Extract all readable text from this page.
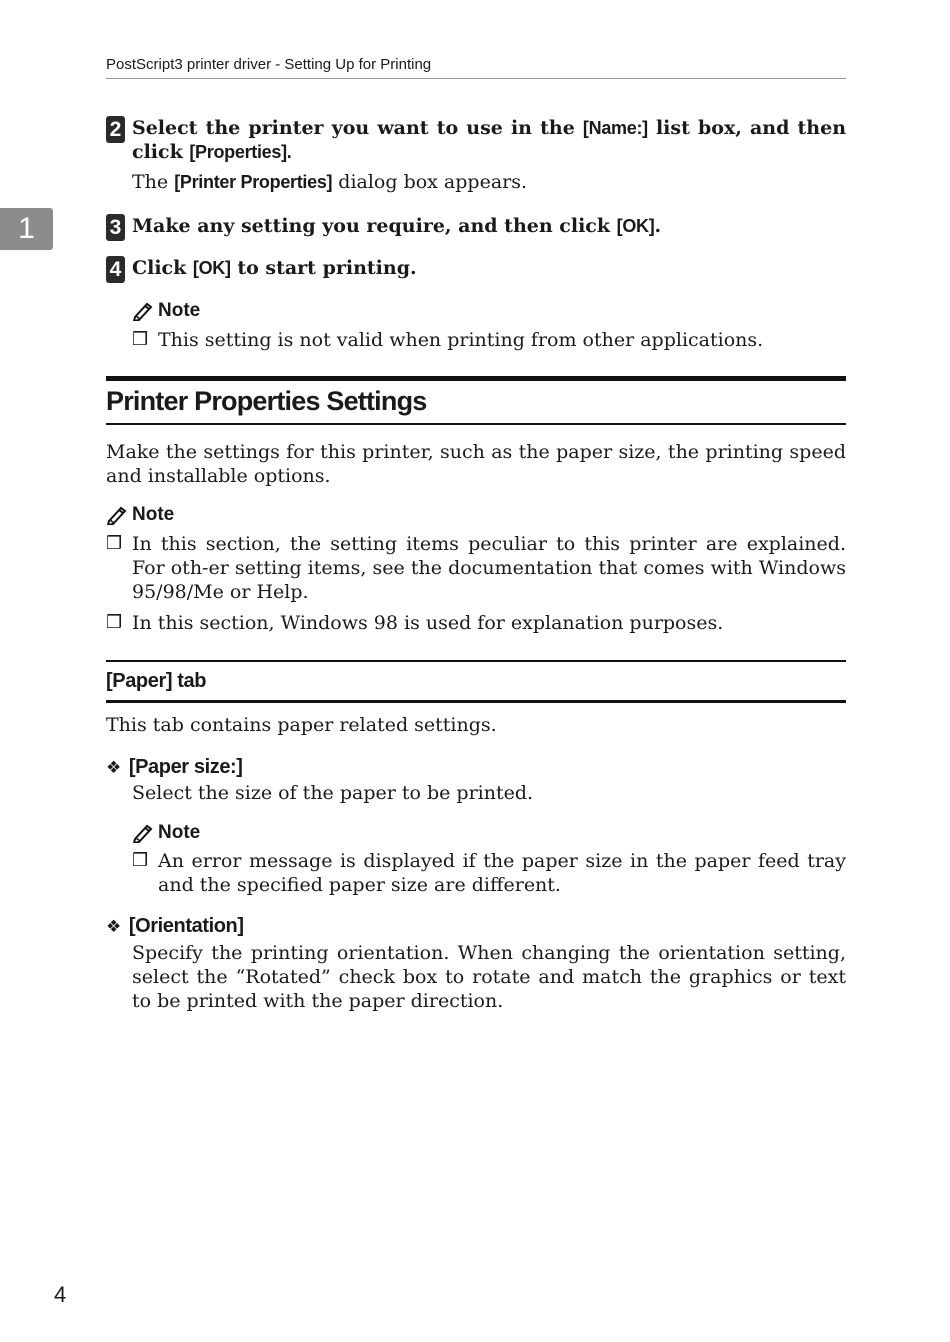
PostScript3 printer driver - Setting Up for Printing
1
2 Select the printer you want to use in the [Name:] list box, and then click [Properties].
The [Printer Properties] dialog box appears.
3 Make any setting you require, and then click [OK].
4 Click [OK] to start printing.
Note
❒ This setting is not valid when printing from other applications.
Printer Properties Settings
Make the settings for this printer, such as the paper size, the printing speed and installable options.
Note
❒ In this section, the setting items peculiar to this printer are explained. For oth-er setting items, see the documentation that comes with Windows 95/98/Me or Help.
❒ In this section, Windows 98 is used for explanation purposes.
[Paper] tab
This tab contains paper related settings.
❖ [Paper size:]
Select the size of the paper to be printed.
Note
❒ An error message is displayed if the paper size in the paper feed tray and the specified paper size are different.
❖ [Orientation]
Specify the printing orientation. When changing the orientation setting, select the “Rotated” check box to rotate and match the graphics or text to be printed with the paper direction.
4
